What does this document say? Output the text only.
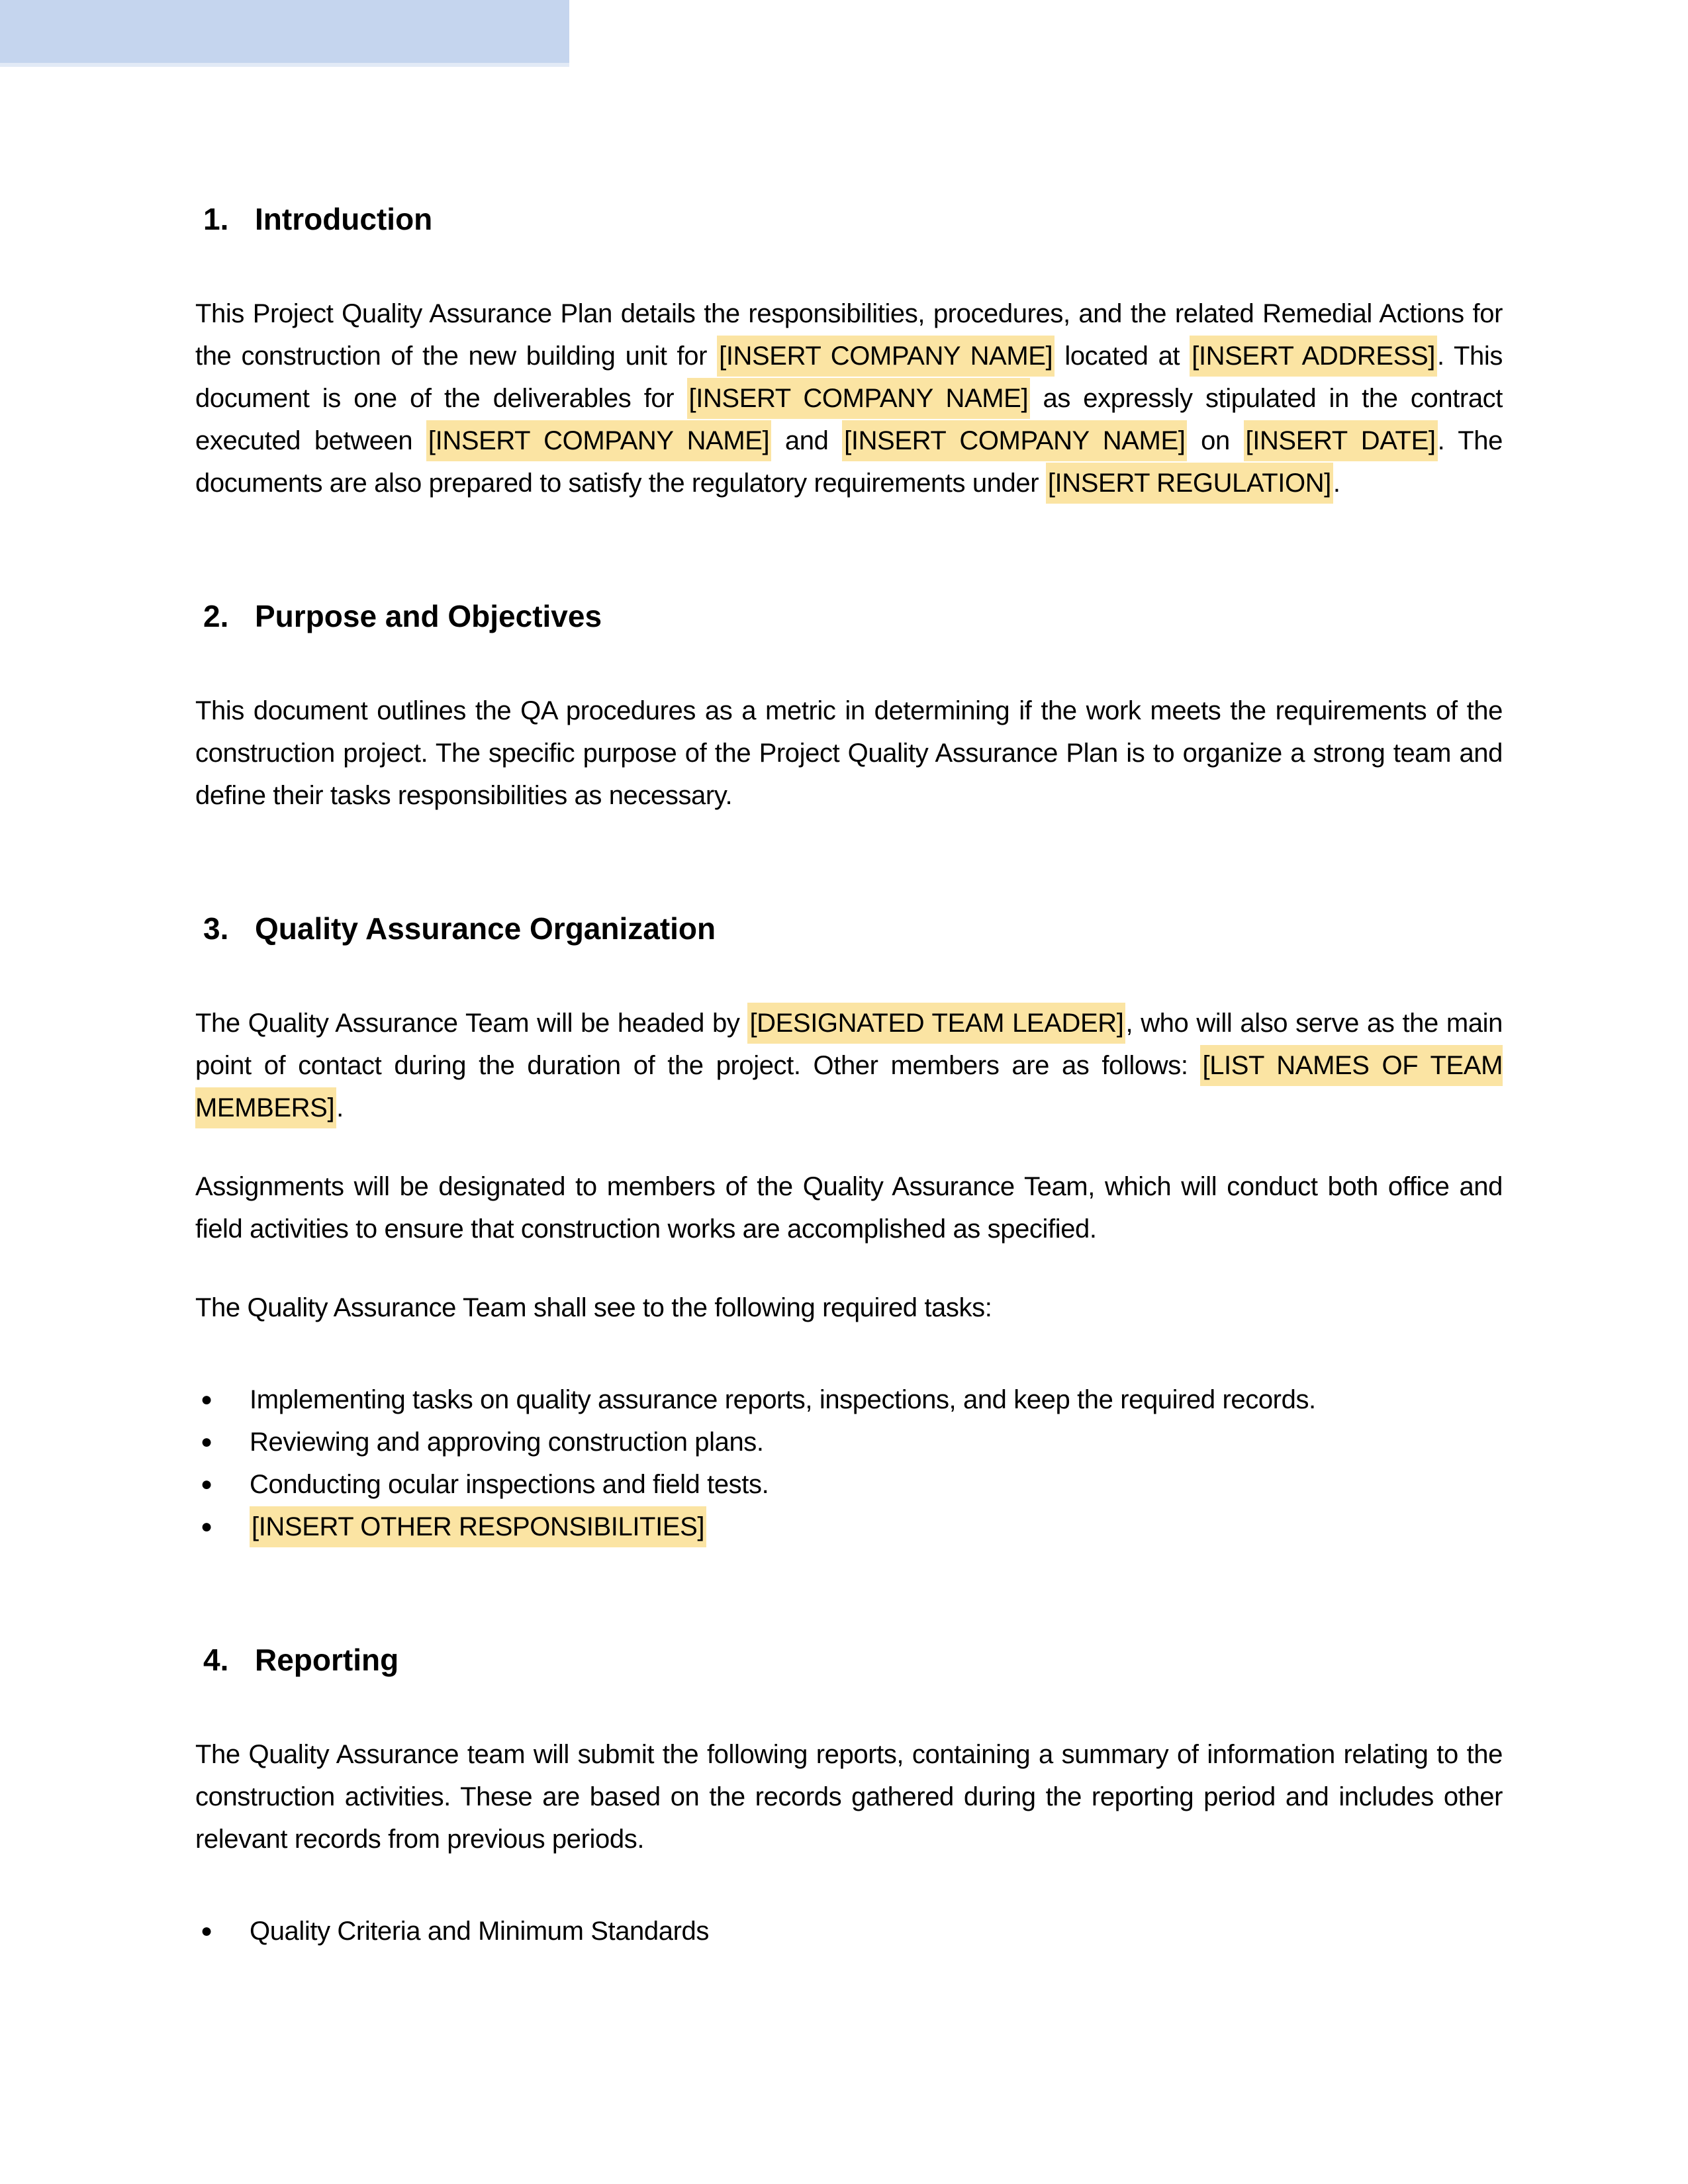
1. Introduction

This Project Quality Assurance Plan details the responsibilities, procedures, and the related Remedial Actions for the construction of the new building unit for [INSERT COMPANY NAME] located at [INSERT ADDRESS]. This document is one of the deliverables for [INSERT COMPANY NAME] as expressly stipulated in the contract executed between [INSERT COMPANY NAME] and [INSERT COMPANY NAME] on [INSERT DATE]. The documents are also prepared to satisfy the regulatory requirements under [INSERT REGULATION].

2. Purpose and Objectives

This document outlines the QA procedures as a metric in determining if the work meets the requirements of the construction project. The specific purpose of the Project Quality Assurance Plan is to organize a strong team and define their tasks responsibilities as necessary.

3. Quality Assurance Organization

The Quality Assurance Team will be headed by [DESIGNATED TEAM LEADER], who will also serve as the main point of contact during the duration of the project. Other members are as follows: [LIST NAMES OF TEAM MEMBERS].

Assignments will be designated to members of the Quality Assurance Team, which will conduct both office and field activities to ensure that construction works are accomplished as specified.

The Quality Assurance Team shall see to the following required tasks:

● Implementing tasks on quality assurance reports, inspections, and keep the required records.
● Reviewing and approving construction plans.
● Conducting ocular inspections and field tests.
● [INSERT OTHER RESPONSIBILITIES]
4. Reporting

The Quality Assurance team will submit the following reports, containing a summary of information relating to the construction activities. These are based on the records gathered during the reporting period and includes other relevant records from previous periods.

● Quality Criteria and Minimum Standards
